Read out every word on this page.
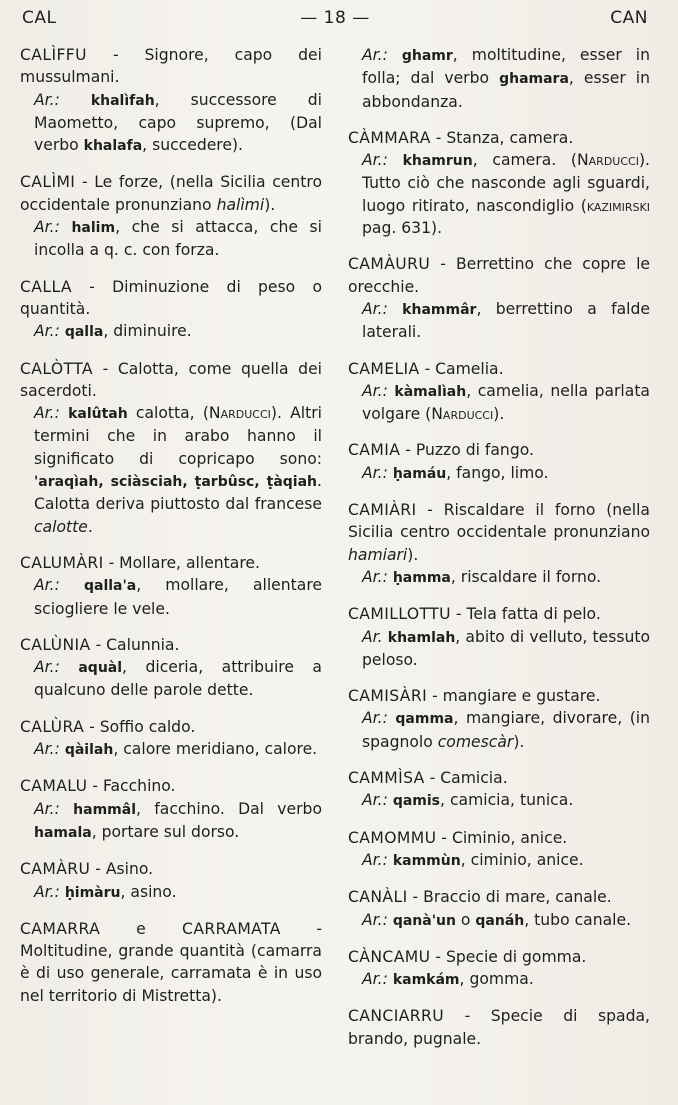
CAL	— 18 —	CAN

CALÌFFU - Signore, capo dei mussulmani.

Ar.: khalìfah, successore di Maometto, capo supremo, (Dal verbo khalafa, succedere).

CALÌMI - Le forze, (nella Sicilia centro occidentale pronunziano halìmi).

Ar.: halim, che si attacca, che si incolla a q. c. con forza.

CALLA - Diminuzione di peso o quantità.

Ar.: qalla, diminuire.

CALÒTTA - Calotta, come quella dei sacerdoti.

Ar.: kalûtah calotta, (Narducci). Altri termini che in arabo hanno il significato di copricapo sono: 'araqìah, sciàsciah, ṭarbûsc, ṭàqiah. Calotta deriva piuttosto dal francese calotte.

CALUMÀRI - Mollare, allentare.

Ar.: qalla'a, mollare, allentare sciogliere le vele.

CALÙNIA - Calunnia.

Ar.: aquàl, diceria, attribuire a qualcuno delle parole dette.

CALÙRA - Soffio caldo.

Ar.: qàilah, calore meridiano, calore.

CAMALU - Facchino.

Ar.: hammâl, facchino. Dal verbo hamala, portare sul dorso.

CAMÀRU - Asino.

Ar.: ḥimàru, asino.

CAMARRA e CARRAMATA - Moltitudine, grande quantità (camarra è di uso generale, carramata è in uso nel territorio di Mistretta).

Ar.: ghamr, moltitudine, esser in folla; dal verbo ghamara, esser in abbondanza.

CÀMMARA - Stanza, camera.

Ar.: khamrun, camera. (Narducci). Tutto ciò che nasconde agli sguardi, luogo ritirato, nascondiglio (kazimirski pag. 631).

CAMÀURU - Berrettino che copre le orecchie.

Ar.: khammâr, berrettino a falde laterali.

CAMELIA - Camelia.

Ar.: kàmalìah, camelia, nella parlata volgare (Narducci).

CAMIA - Puzzo di fango.

Ar.: ḥamáu, fango, limo.

CAMIÀRI - Riscaldare il forno (nella Sicilia centro occidentale pronunziano hamiari).

Ar.: ḥamma, riscaldare il forno.

CAMILLOTTU - Tela fatta di pelo.

Ar. khamlah, abito di velluto, tessuto peloso.

CAMISÀRI - mangiare e gustare.

Ar.: qamma, mangiare, divorare, (in spagnolo comescàr).

CAMMÌSA - Camicia.

Ar.: qamis, camicia, tunica.

CAMOMMU - Ciminio, anice.

Ar.: kammùn, ciminio, anice.

CANÀLI - Braccio di mare, canale.

Ar.: qanà'un o qanáh, tubo canale.

CÀNCAMU - Specie di gomma.

Ar.: kamkám, gomma.

CANCIARRU - Specie di spada, brando, pugnale.
